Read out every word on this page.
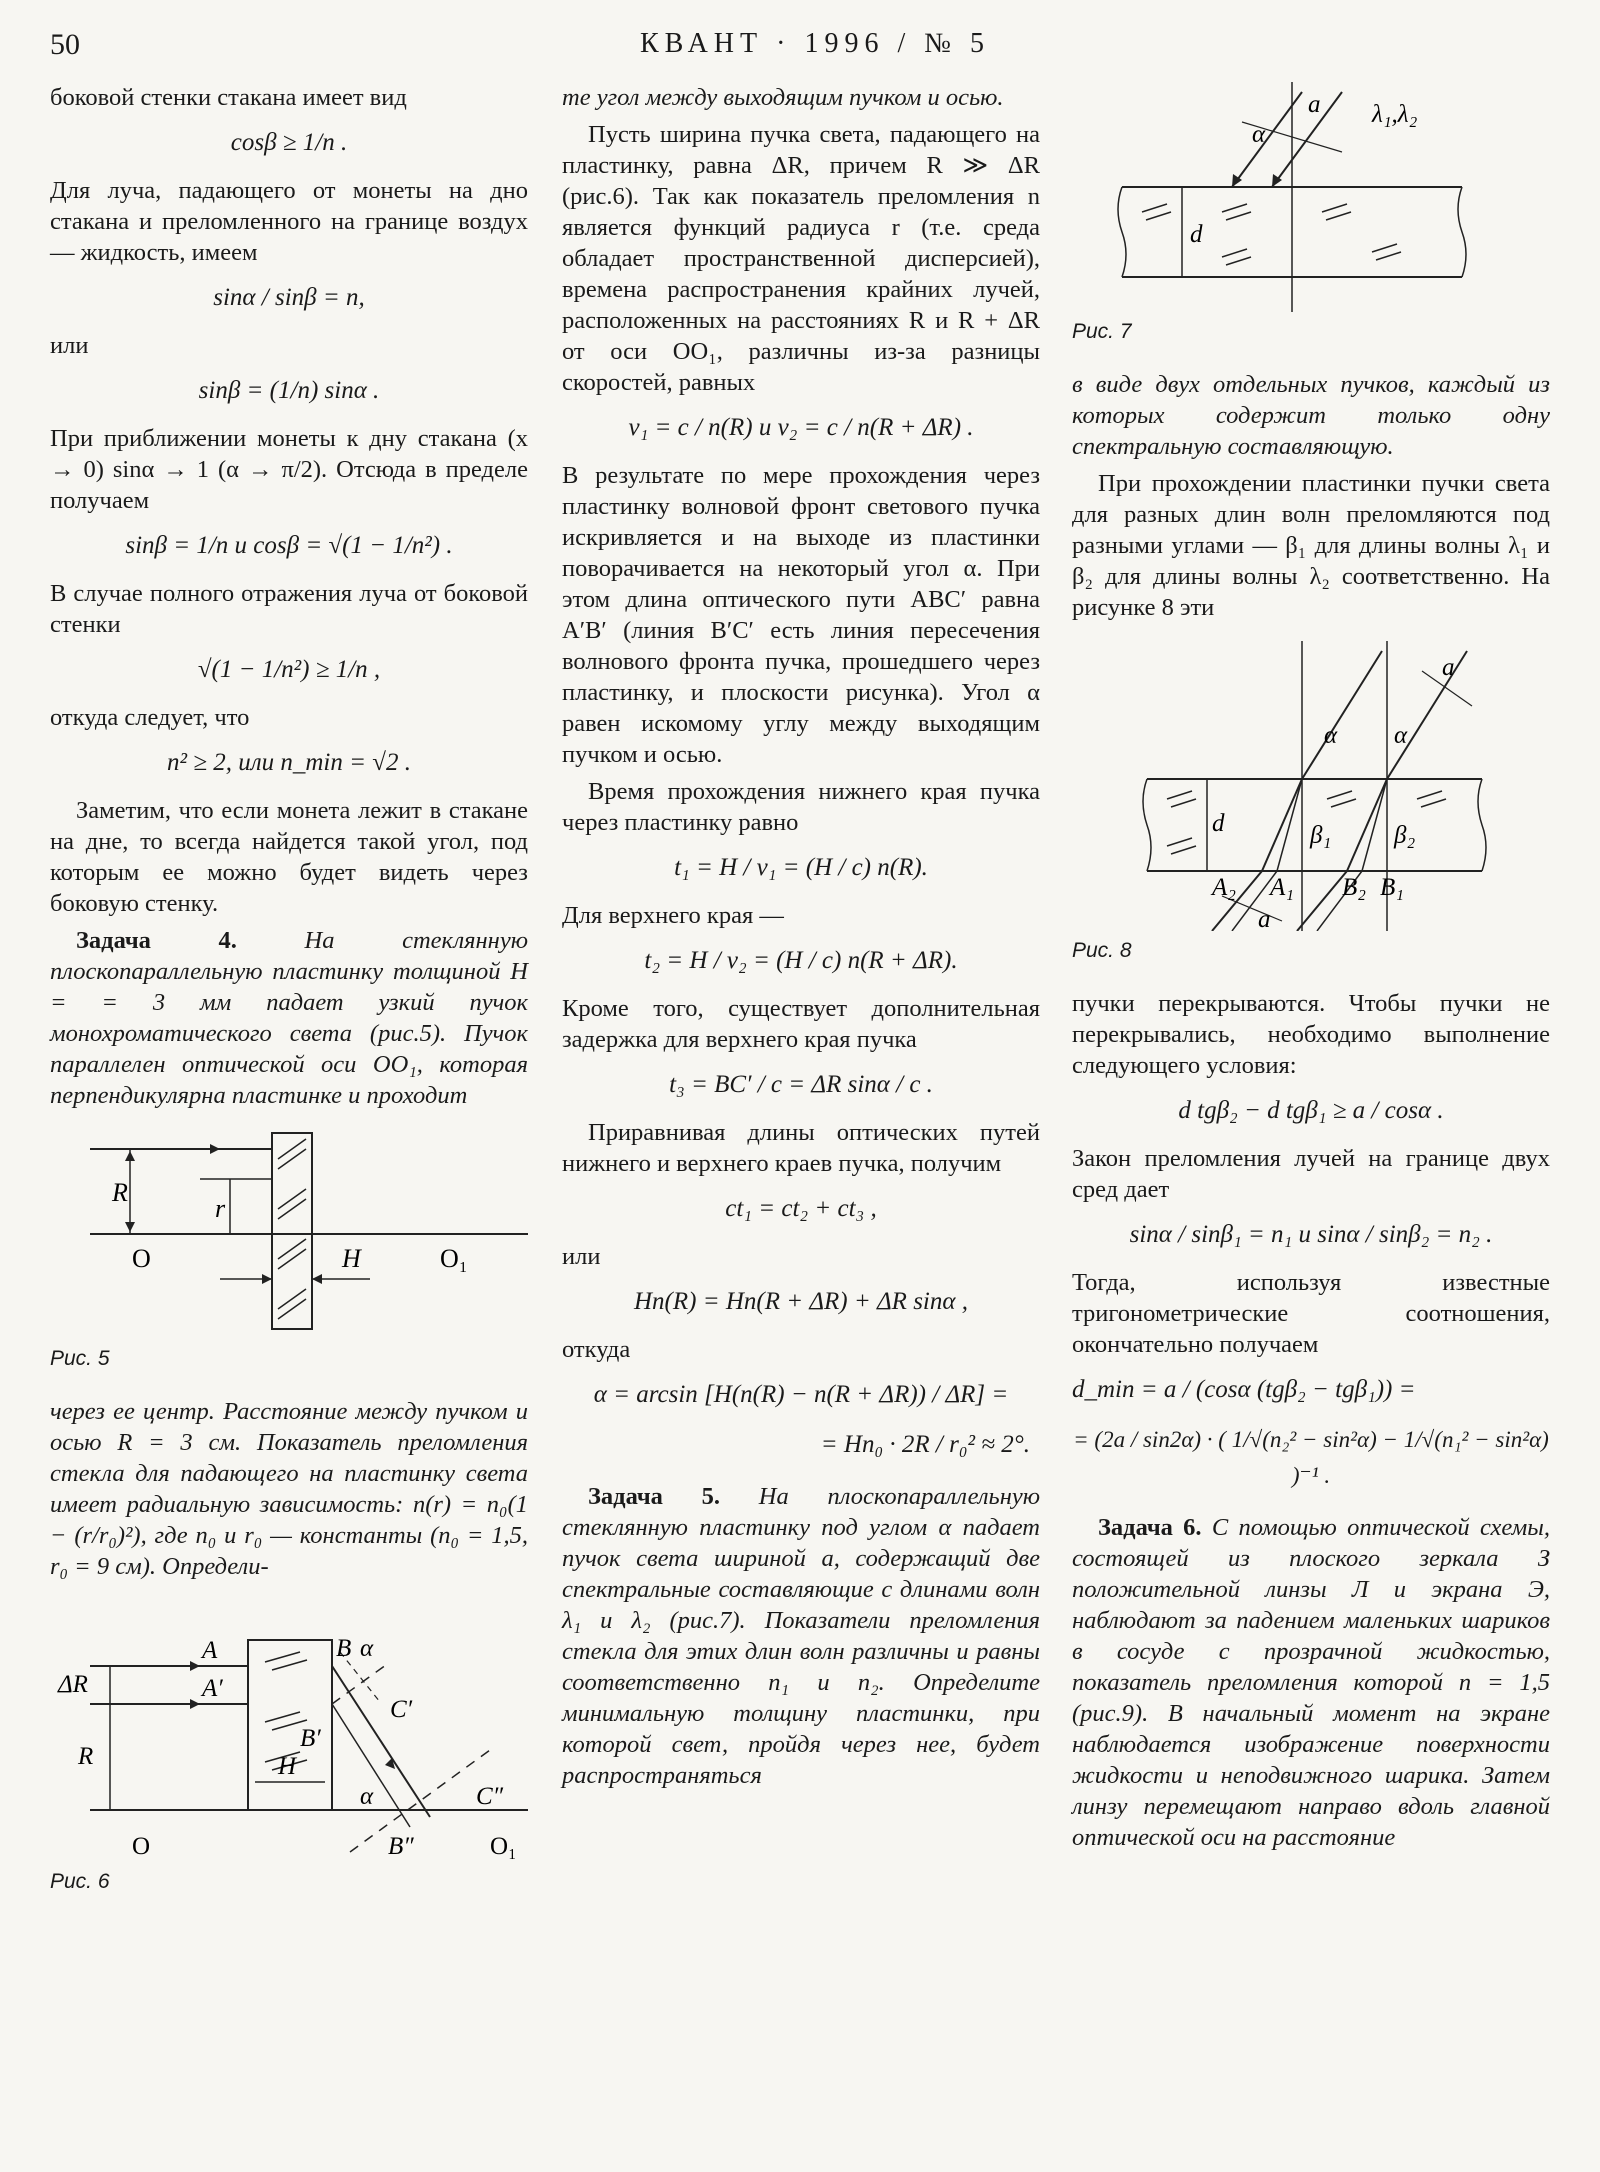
50	КВАНТ · 1996 / № 5

боковой стенки стакана имеет вид

cosβ ≥ 1/n .

Для луча, падающего от монеты на дно стакана и преломленного на границе воздух — жидкость, имеем

sinα / sinβ = n,

или

sinβ = (1/n) sinα .

При приближении монеты к дну стакана (x → 0) sinα → 1 (α → π/2). Отсюда в пределе получаем

sinβ = 1/n и cosβ = √(1 − 1/n²) .

В случае полного отражения луча от боковой стенки

√(1 − 1/n²) ≥ 1/n ,

откуда следует, что

n² ≥ 2, или n_min = √2 .

Заметим, что если монета лежит в стакане на дне, то всегда найдется такой угол, под которым ее можно будет видеть через боковую стенку.

Задача 4.	На стеклянную плоскопараллельную пластинку толщиной H = = 3 мм падает узкий пучок монохроматического света (рис.5). Пучок параллелен оптической оси OO₁, которая перпендикулярна пластинке и проходит

R
r
O	O₁
H
Рис. 5

через ее центр. Расстояние между пучком и осью R = 3 см. Показатель преломления стекла для падающего на пластинку света имеет радиальную зависимость: n(r) = n₀(1 − (r/r₀)²), где n₀ и r₀ — константы (n₀ = 1,5, r₀ = 9 см). Определи-

A
A′
B α
C′
B′
α	C″
B″
ΔR
R	H
O	O₁
Рис. 6

те угол между выходящим пучком и осью.

Пусть ширина пучка света, падающего на пластинку, равна ΔR, причем R ≫ ΔR (рис.6). Так как показатель преломления n является функций радиуса r (т.е. среда обладает пространственной дисперсией), времена распространения крайних лучей, расположенных на расстояниях R и R + ΔR от оси OO₁, различны из-за разницы скоростей, равных

v₁ = c / n(R) и v₂ = c / n(R + ΔR) .

В результате по мере прохождения через пластинку волновой фронт светового пучка искривляется и на выходе из пластинки поворачивается на некоторый угол α. При этом длина оптического пути ABC′ равна A′B′ (линия B′C′ есть линия пересечения волнового фронта пучка, прошедшего через пластинку, и плоскости рисунка). Угол α равен искомому углу между выходящим пучком и осью.

Время прохождения нижнего края пучка через пластинку равно

t₁ = H / v₁ = (H / c) n(R).

Для верхнего края —

t₂ = H / v₂ = (H / c) n(R + ΔR).

Кроме того, существует дополнительная задержка для верхнего края пучка

t₃ = BC′ / c = ΔR sinα / c .

Приравнивая длины оптических путей нижнего и верхнего краев пучка, получим

ct₁ = ct₂ + ct₃ ,

или

Hn(R) = Hn(R + ΔR) + ΔR sinα ,

откуда

α = arcsin [H(n(R) − n(R + ΔR)) / ΔR] =
= Hn₀ · 2R / r₀² ≈ 2°.

Задача 5. На плоскопараллельную стеклянную пластинку под углом α падает пучок света шириной a, содержащий две спектральные составляющие с длинами волн λ₁ и λ₂ (рис.7). Показатели преломления стекла для этих длин волн различны и равны соответственно n₁ и n₂. Определите минимальную толщину пластинки, при которой свет, пройдя через нее, будет распространяться

α
a λ₁,λ₂
d
Рис. 7

в виде двух отдельных пучков, каждый из которых содержит только одну спектральную составляющую.

При прохождении пластинки пучки света для разных длин волн преломляются под разными углами — β₁ для длины волны λ₁ и β₂ для длины волны λ₂ соответственно. На рисунке 8 эти

a
α α
d	β₁	β₂
A₂ A₁ B₂ B₁
a
Рис. 8

пучки перекрываются. Чтобы пучки не перекрывались, необходимо выполнение следующего условия:

d tgβ₂ − d tgβ₁ ≥ a / cosα .

Закон преломления лучей на границе двух сред дает

sinα / sinβ₁ = n₁ и sinα / sinβ₂ = n₂ .

Тогда, используя известные тригонометрические соотношения, окончательно получаем

d_min = a / (cosα (tgβ₂ − tgβ₁)) =
= (2a / sin2α) · ( 1/√(n₂² − sin²α) − 1/√(n₁² − sin²α) )⁻¹ .

Задача 6. С помощью оптической схемы, состоящей из плоского зеркала З положительной линзы Л и экрана Э, наблюдают за падением маленьких шариков в сосуде с прозрачной жидкостью, показатель преломления которой n = 1,5 (рис.9). В начальный момент на экране наблюдается изображение поверхности жидкости и неподвижного шарика. Затем линзу перемещают направо вдоль главной оптической оси на расстояние
